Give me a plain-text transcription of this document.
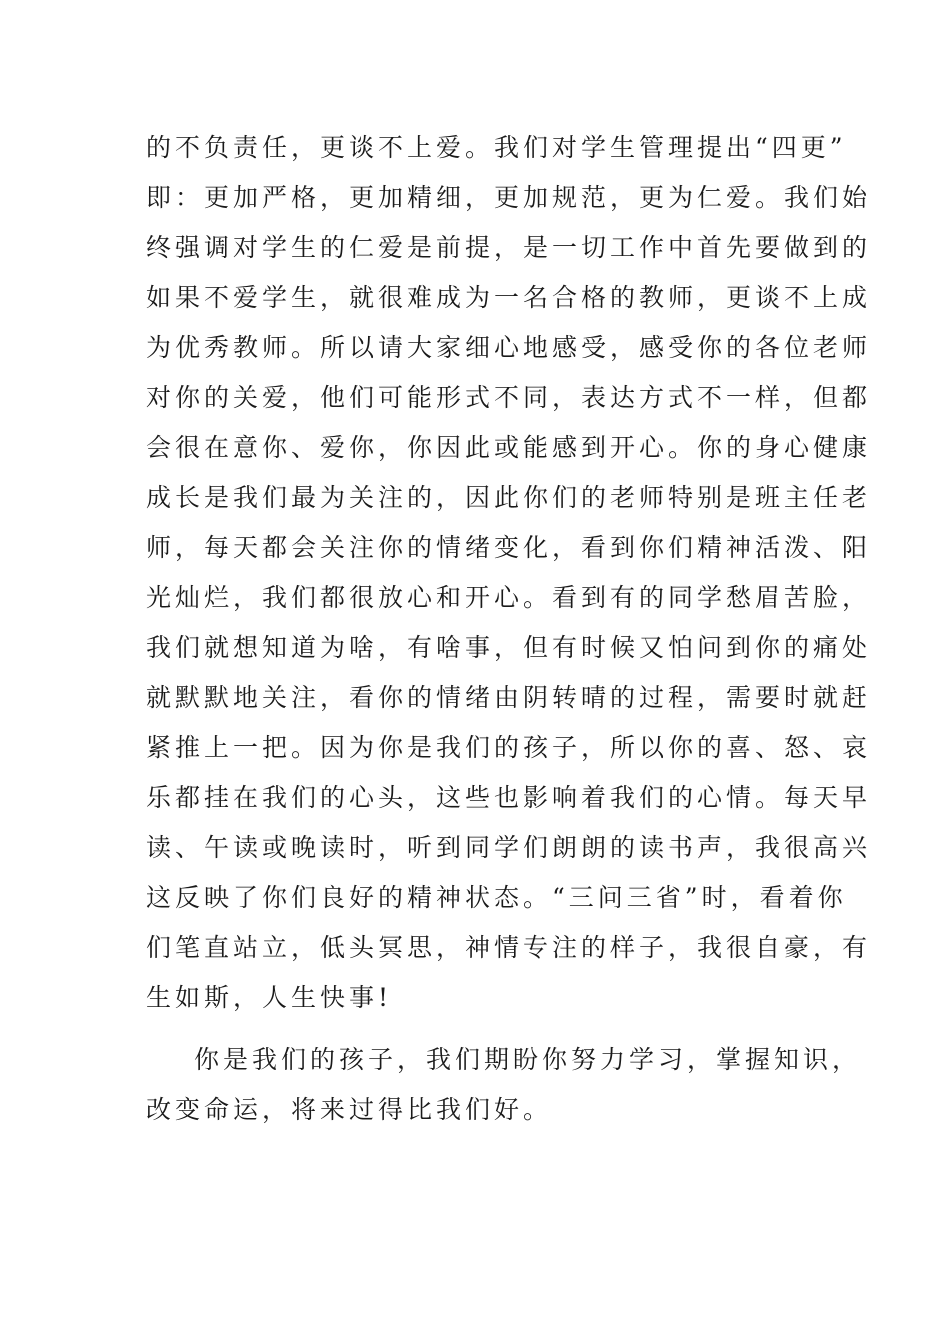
的不负责任，更谈不上爱。我们对学生管理提出“四更”
即：更加严格，更加精细，更加规范，更为仁爱。我们始
终强调对学生的仁爱是前提，是一切工作中首先要做到的
如果不爱学生，就很难成为一名合格的教师，更谈不上成
为优秀教师。所以请大家细心地感受，感受你的各位老师
对你的关爱，他们可能形式不同，表达方式不一样，但都
会很在意你、爱你，你因此或能感到开心。你的身心健康
成长是我们最为关注的，因此你们的老师特别是班主任老
师，每天都会关注你的情绪变化，看到你们精神活泼、阳
光灿烂，我们都很放心和开心。看到有的同学愁眉苦脸，
我们就想知道为啥，有啥事，但有时候又怕问到你的痛处
就默默地关注，看你的情绪由阴转晴的过程，需要时就赶
紧推上一把。因为你是我们的孩子，所以你的喜、怒、哀
乐都挂在我们的心头，这些也影响着我们的心情。每天早
读、午读或晚读时，听到同学们朗朗的读书声，我很高兴
这反映了你们良好的精神状态。“三问三省”时，看着你
们笔直站立，低头冥思，神情专注的样子，我很自豪，有
生如斯，人生快事!
你是我们的孩子，我们期盼你努力学习，掌握知识，
改变命运，将来过得比我们好。
